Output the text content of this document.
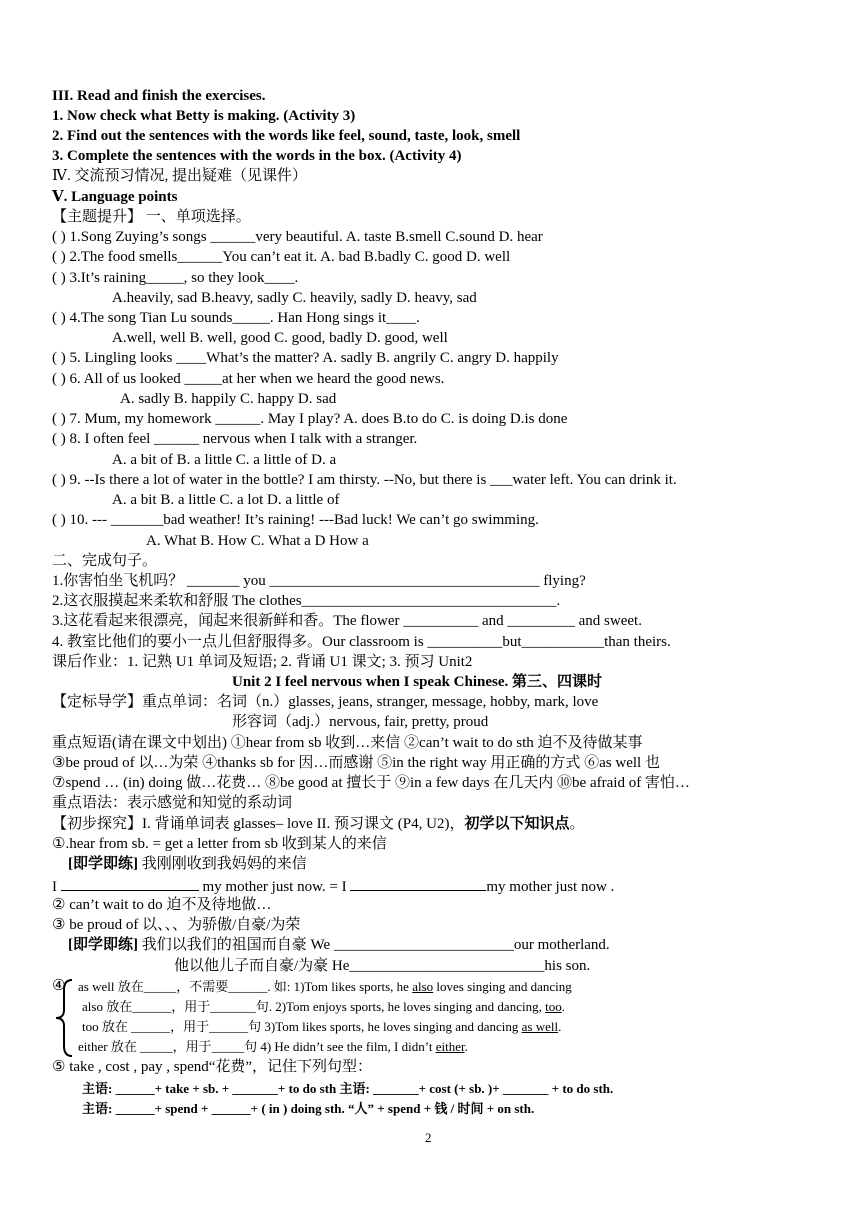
III. Read and finish the exercises.
1. Now check what Betty is making. (Activity 3)
2. Find out the sentences with the words like feel, sound, taste, look, smell
3. Complete the sentences with the words in the box. (Activity 4)
Ⅳ. 交流预习情况, 提出疑难（见课件）
Ⅴ. Language points
【主题提升】 一、单项选择。
( ) 1.Song Zuying’s songs ______very beautiful. A. taste B.smell C.sound D. hear
( ) 2.The food smells______You can’t eat it. A. bad B.badly C. good D. well
( ) 3.It’s raining_____, so they look____.
A.heavily, sad B.heavy, sadly C. heavily, sadly D. heavy, sad
( ) 4.The song Tian Lu sounds_____. Han Hong sings it____.
A.well, well B. well, good C. good, badly D. good, well
( ) 5. Lingling looks ____What’s the matter? A. sadly B. angrily C. angry D. happily
( ) 6. All of us looked _____at her when we heard the good news.
A. sadly B. happily C. happy D. sad
( ) 7. Mum, my homework ______. May I play? A. does B.to do C. is doing D.is done
( ) 8. I often feel ______ nervous when I talk with a stranger.
A. a bit of B. a little C. a little of D. a
( ) 9. --Is there a lot of water in the bottle? I am thirsty. --No, but there is ___water left. You can drink it.
A. a bit B. a little C. a lot D. a little of
( ) 10. --- _______bad weather! It’s raining! ---Bad luck! We can’t go swimming.
A. What B. How C. What a D How a
二、完成句子。
1.你害怕坐飞机吗？ _______ you ____________________________________ flying?
2.这衣服摸起来柔软和舒服 The clothes__________________________________.
3.这花看起来很漂亮，闻起来很新鲜和香。The flower __________ and _________ and sweet.
4. 教室比他们的要小一点儿但舒服得多。Our classroom is __________but___________than theirs.
课后作业：1. 记熟 U1 单词及短语; 2. 背诵 U1 课文; 3. 预习 Unit2
Unit 2 I feel nervous when I speak Chinese. 第三、四课时
【定标导学】重点单词：名词（n.）glasses, jeans, stranger, message, hobby, mark, love
形容词（adj.）nervous, fair, pretty, proud
重点短语(请在课文中划出) ①hear from sb 收到…来信 ②can’t wait to do sth 迫不及待做某事
③be proud of 以…为荣 ④thanks sb for 因…而感谢 ⑤in the right way 用正确的方式 ⑥as well 也
⑦spend … (in) doing 做…花费… ⑧be good at 擅长于 ⑨in a few days 在几天内 ⑩be afraid of 害怕…
重点语法：表示感觉和知觉的系动词
【初步探究】I. 背诵单词表 glasses– love II. 预习课文 (P4, U2)，初学以下知识点。
①.hear from sb. = get a letter from sb 收到某人的来信
[即学即练] 我刚刚收到我妈妈的来信
I	my mother just now. = I	my mother just now .
② can’t wait to do 迫不及待地做…
③ be proud of 以、、、为骄傲/自豪/为荣
[即学即练] 我们以我们的祖国而自豪 We ________________________our motherland.
他以他儿子而自豪/为豪 He__________________________his son.
④ as well 放在_____，不需要______. 如: 1)Tom likes sports, he also loves singing and dancing
also 放在______，用于_______句. 2)Tom enjoys sports, he loves singing and dancing, too.
too 放在 ______，用于______句 3)Tom likes sports, he loves singing and dancing as well.
either 放在 _____，用于_____句 4) He didn’t see the film, I didn’t either.
⑤ take , cost , pay , spend“花费”，记住下列句型：
主语: ______+ take + sb. + _______+ to do sth 主语: _______+ cost (+ sb. )+ _______ + to do sth.
主语: ______+ spend + ______+ ( in ) doing sth. “人” + spend + 钱 / 时间 + on sth.
2
